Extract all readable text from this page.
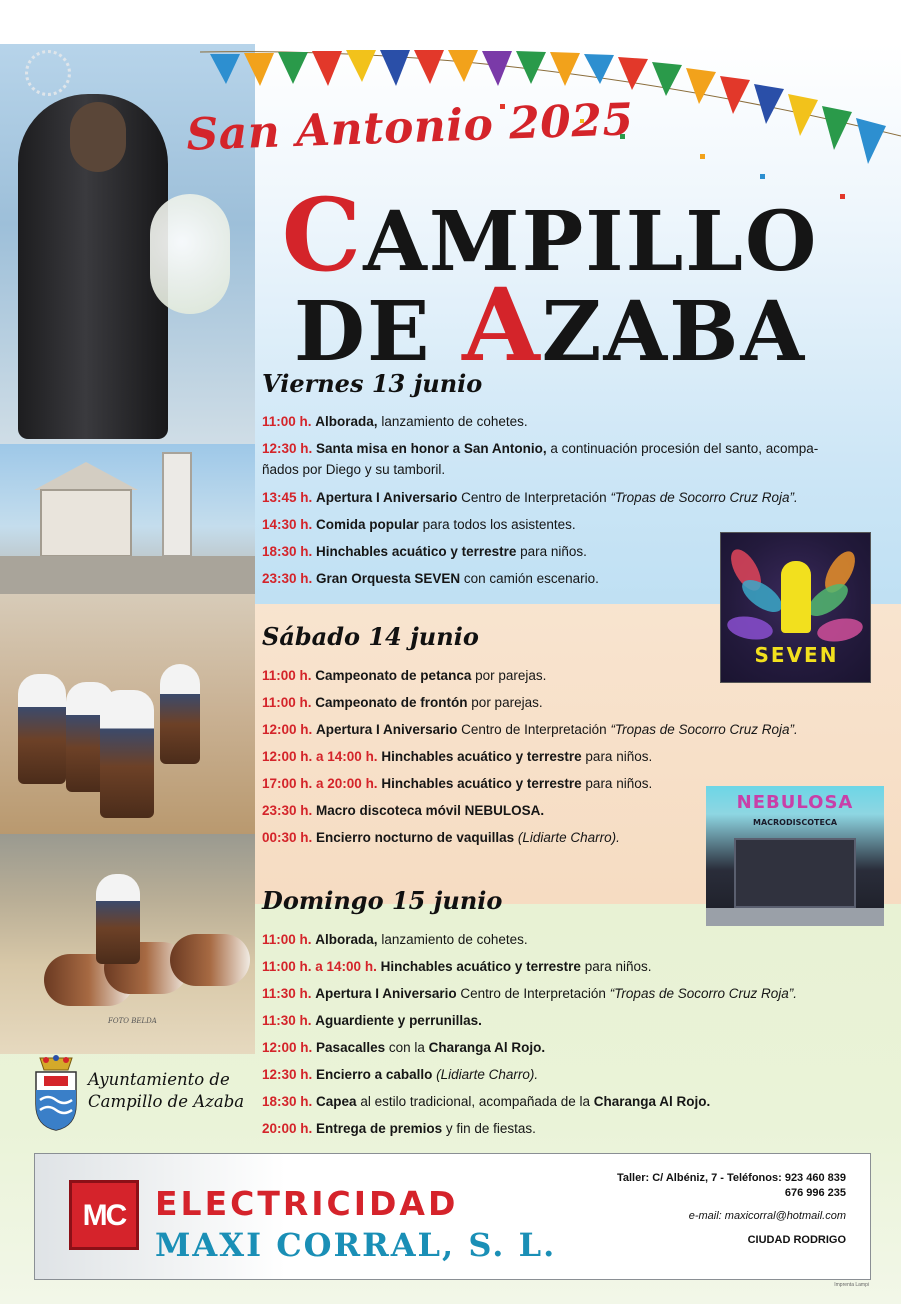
FOTO BELDA
San Antonio 2025
CAMPILLO
DE AZABA
Viernes 13 junio
11:00 h. Alborada, lanzamiento de cohetes.
12:30 h. Santa misa en honor a San Antonio, a continuación procesión del santo, acompa-
ñados por Diego y su tamboril.
13:45 h. Apertura I Aniversario Centro de Interpretación “Tropas de Socorro Cruz Roja”.
14:30 h. Comida popular para todos los asistentes.
18:30 h. Hinchables acuático y terrestre para niños.
23:30 h. Gran Orquesta SEVEN con camión escenario.
Sábado 14 junio
11:00 h. Campeonato de petanca por parejas.
11:00 h. Campeonato de frontón por parejas.
12:00 h. Apertura I Aniversario Centro de Interpretación “Tropas de Socorro Cruz Roja”.
12:00 h. a 14:00 h. Hinchables acuático y terrestre para niños.
17:00 h. a 20:00 h. Hinchables acuático y terrestre para niños.
23:30 h. Macro discoteca móvil NEBULOSA.
00:30 h. Encierro nocturno de vaquillas (Lidiarte Charro).
Domingo 15 junio
11:00 h. Alborada, lanzamiento de cohetes.
11:00 h. a 14:00 h. Hinchables acuático y terrestre para niños.
11:30 h. Apertura I Aniversario Centro de Interpretación “Tropas de Socorro Cruz Roja”.
11:30 h. Aguardiente y perrunillas.
12:00 h. Pasacalles con la Charanga Al Rojo.
12:30 h. Encierro a caballo (Lidiarte Charro).
18:30 h. Capea al estilo tradicional, acompañada de la Charanga Al Rojo.
20:00 h. Entrega de premios y fin de fiestas.
SEVEN
NEBULOSA
MACRODISCOTECA
Ayuntamiento de
Campillo de Azaba
MC ELECTRICIDAD
MAXI CORRAL, S. L.
Taller: C/ Albéniz, 7 - Teléfonos: 923 460 839
676 996 235
e-mail: maxicorral@hotmail.com
CIUDAD RODRIGO
Imprenta Lampi
